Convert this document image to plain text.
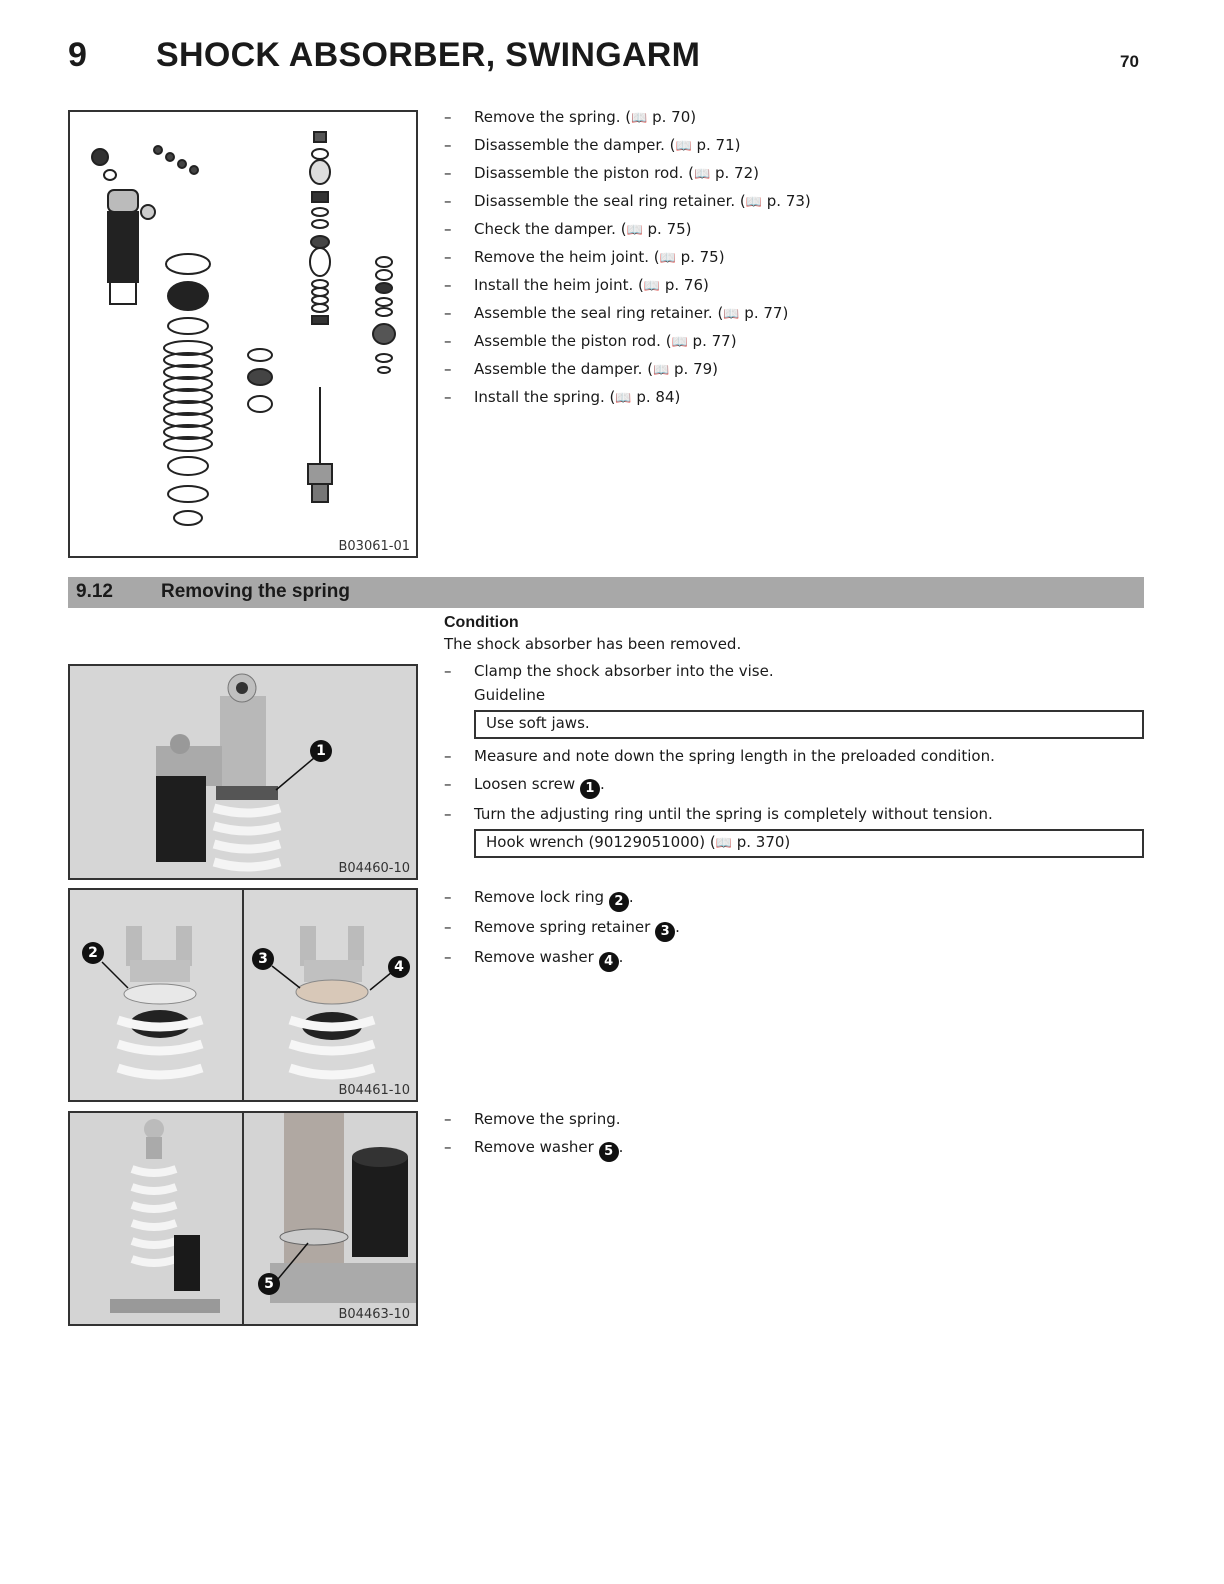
9 SHOCK ABSORBER, SWINGARM	70
B03061-01
– Remove the spring. (📖 p. 70)
– Disassemble the damper. (📖 p. 71)
– Disassemble the piston rod. (📖 p. 72)
– Disassemble the seal ring retainer. (📖 p. 73)
– Check the damper. (📖 p. 75)
– Remove the heim joint. (📖 p. 75)
– Install the heim joint. (📖 p. 76)
– Assemble the seal ring retainer. (📖 p. 77)
– Assemble the piston rod. (📖 p. 77)
– Assemble the damper. (📖 p. 79)
– Install the spring. (📖 p. 84)
9.12	Removing the spring
Condition
The shock absorber has been removed.
– Clamp the shock absorber into the vise.
Guideline
Use soft jaws.
– Measure and note down the spring length in the preloaded condition.
– Loosen screw 1 .
– Turn the adjusting ring until the spring is completely without tension.
Hook wrench (90129051000) (📖 p. 370)
– Remove lock ring 2 .
– Remove spring retainer 3 .
– Remove washer 4 .
– Remove the spring.
– Remove washer 5 .
1
B04460-10
2	3	4
B04461-10
5
B04463-10
